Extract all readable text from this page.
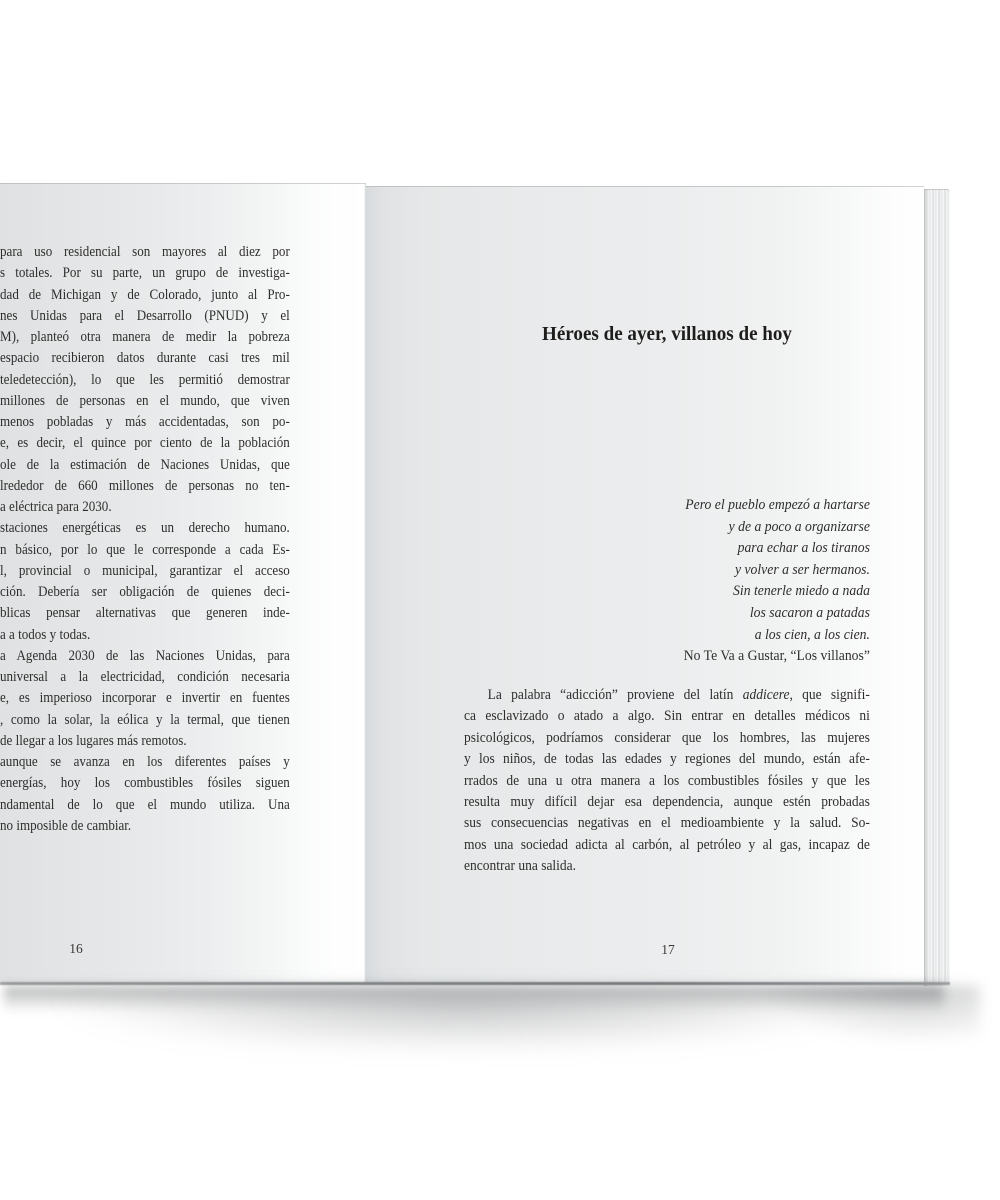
para uso residencial son mayores al diez por
s totales. Por su parte, un grupo de investiga-
dad de Michigan y de Colorado, junto al Pro-
nes Unidas para el Desarrollo (PNUD) y el
M), planteó otra manera de medir la pobreza
espacio recibieron datos durante casi tres mil
teledetección), lo que les permitió demostrar
millones de personas en el mundo, que viven
menos pobladas y más accidentadas, son po-
e, es decir, el quince por ciento de la población
ole de la estimación de Naciones Unidas, que
lrededor de 660 millones de personas no ten-
a eléctrica para 2030.
staciones energéticas es un derecho humano.
n básico, por lo que le corresponde a cada Es-
l, provincial o municipal, garantizar el acceso
ción. Debería ser obligación de quienes deci-
blicas pensar alternativas que generen inde-
a a todos y todas.
a Agenda 2030 de las Naciones Unidas, para
universal a la electricidad, condición necesaria
e, es imperioso incorporar e invertir en fuentes
, como la solar, la eólica y la termal, que tienen
de llegar a los lugares más remotos.
aunque se avanza en los diferentes países y
energías, hoy los combustibles fósiles siguen
ndamental de lo que el mundo utiliza. Una
no imposible de cambiar.
Héroes de ayer, villanos de hoy
Pero el pueblo empezó a hartarse
y de a poco a organizarse
para echar a los tiranos
y volver a ser hermanos.
Sin tenerle miedo a nada
los sacaron a patadas
a los cien, a los cien.
No Te Va a Gustar, “Los villanos”
La palabra “adicción” proviene del latín addicere, que signifi-
ca esclavizado o atado a algo. Sin entrar en detalles médicos ni
psicológicos, podríamos considerar que los hombres, las mujeres
y los niños, de todas las edades y regiones del mundo, están afe-
rrados de una u otra manera a los combustibles fósiles y que les
resulta muy difícil dejar esa dependencia, aunque estén probadas
sus consecuencias negativas en el medioambiente y la salud. So-
mos una sociedad adicta al carbón, al petróleo y al gas, incapaz de
encontrar una salida.
16	17
